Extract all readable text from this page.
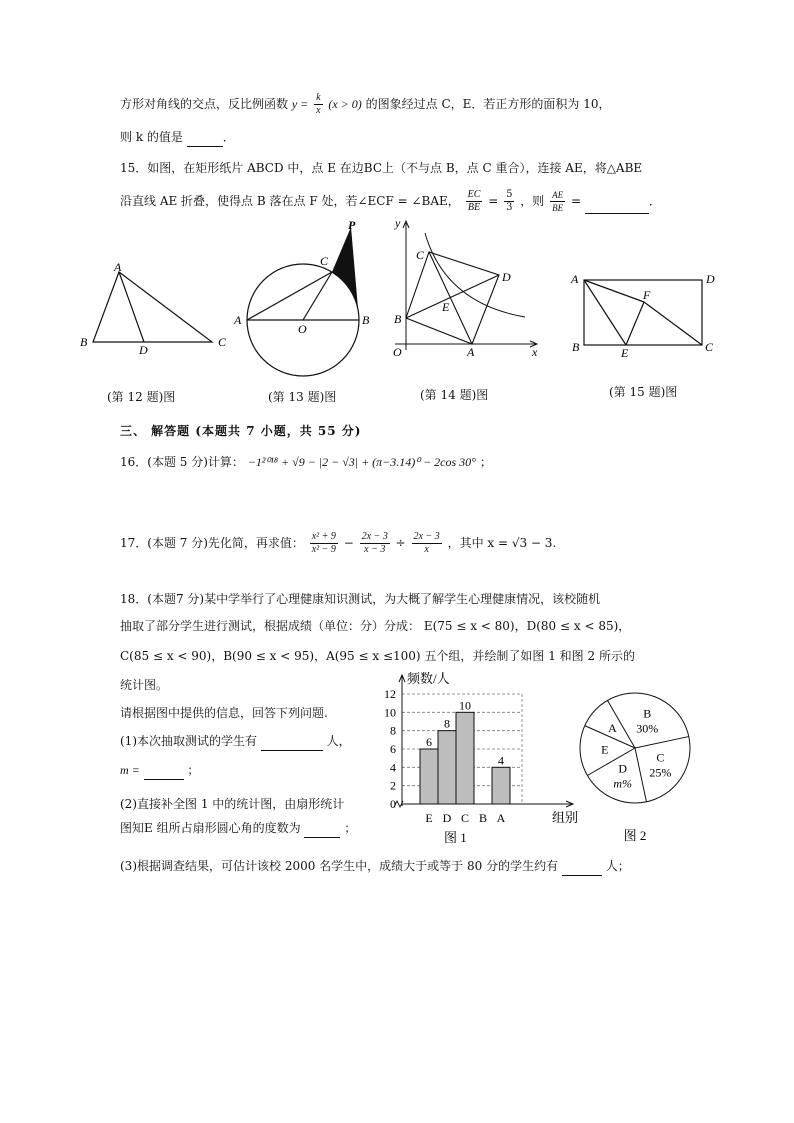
方形对角线的交点，反比例函数 $y = \frac{k}{x} (x > 0)$ 的图象经过点 C，E．若正方形的面积为 10，
则 k 的值是	．
15．如图，在矩形纸片 ABCD 中，点 E 在边BC上（不与点 B，点 C 重合），连接 AE，将△ABE
沿直线 AE 折叠，使得点 B 落在点 F 处，若∠ECF = ∠BAE， $\frac{EC}{BE} = \frac{5}{3}$ ，则 $\frac{AE}{BE}$ =	．
A
B
D
C
P
C
A
O
B
y
C
D
E
B
O	A	x
A	D
F
B	E	C
(第 12 题)图	(第 13 题)图	(第 14 题)图	(第 15 题)图
三、 解答题 (本题共 7 小题，共 55 分)
16．(本题 5 分)计算： −1²⁰¹⁸ + √9 − |2 − √3| + (π−3.14)⁰ − 2cos 30° ；
17．(本题 7 分)先化简，再求值： $\frac{\text{x² + 9}}{\text{x² − 9}} - \frac{2x - 3}{x - 3} \div \frac{2x - 3}{x}$ ，其中 x = √3 − 3.
18．(本题7 分)某中学举行了心理健康知识测试，为大概了解学生心理健康情况，该校随机
抽取了部分学生进行测试，根据成绩（单位：分）分成： E(75 ≤ x < 80)，D(80 ≤ x < 85)，
C(85 ≤ x < 90)，B(90 ≤ x < 95)，A(95 ≤ x ≤100) 五个组，并绘制了如图 1 和图 2 所示的
统计图。
请根据图中提供的信息，回答下列问题.
(1)本次抽取测试的学生有	人，
m =	；
(2)直接补全图 1 中的统计图，由扇形统计
图知E 组所占扇形圆心角的度数为	；
(3)根据调查结果，可估计该校 2000 名学生中，成绩大于或等于 80 分的学生约有	人；
0
2
4
6
8
10
12
频数/人
组别
图 1
6
E
8
D
10
C B
4
A
B
30%
C
25%
D
m%
E
A
图 2
